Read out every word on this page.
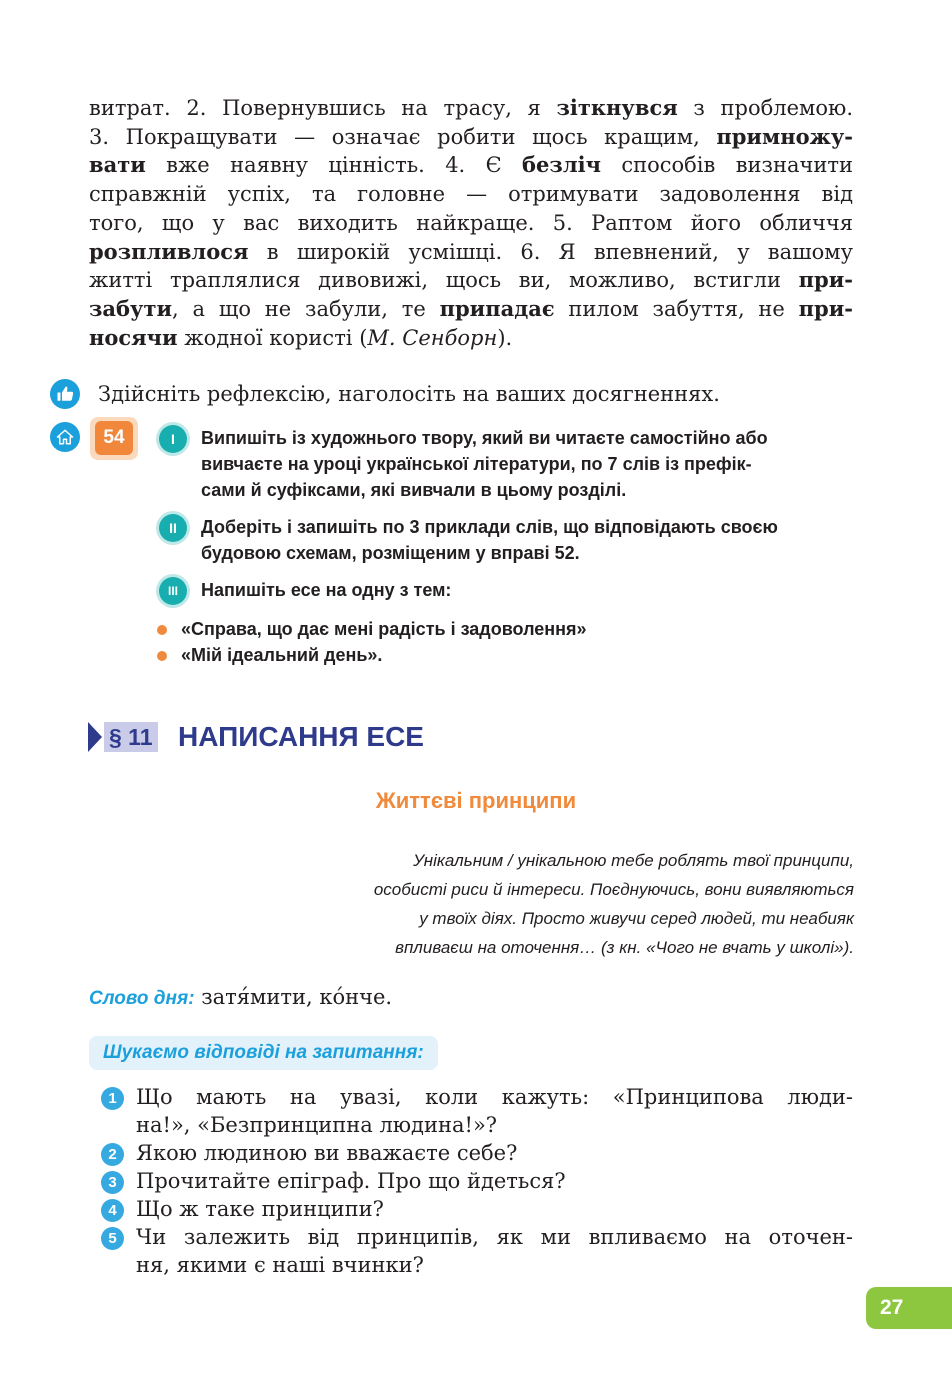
витрат. 2. Повернувшись на трасу, я зіткнувся з проблемою.
3. Покращувати — означає робити щось кращим, примножу-
вати вже наявну цінність. 4. Є безліч способів визначити
справжній успіх, та головне — отримувати задоволення від
того, що у вас виходить найкраще. 5. Раптом його обличчя
розпливлося в широкій усмішці. 6. Я впевнений, у вашому
житті траплялися дивовижі, щось ви, можливо, встигли при-
забути, а що не забули, те припадає пилом забуття, не при-
носячи жодної користі (М. Сенборн).
Здійсніть рефлексію, наголосіть на ваших досягненнях.
54	I	Випишіть із художнього твору, який ви читаєте самостійно або
вивчаєте на уроці української літератури, по 7 слів із префік-
сами й суфіксами, які вивчали в цьому розділі.
II	Доберіть і запишіть по 3 приклади слів, що відповідають своєю
будовою схемам, розміщеним у вправі 52.
III	Напишіть есе на одну з тем:
«Справа, що дає мені радість і задоволення»
«Мій ідеальний день».
§ 11 НАПИСАННЯ ЕСЕ
Життєві принципи
Унікальним / унікальною тебе роблять твої принципи,
особисті риси й інтереси. Поєднуючись, вони виявляються
у твоїх діях. Просто живучи серед людей, ти неабияк
впливаєш на оточення… (з кн. «Чого не вчать у школі»).
Слово дня: затя́мити, ко́нче.
Шукаємо відповіді на запитання:
1 Що мають на увазі, коли кажуть: «Принципова люди-
на!», «Безпринципна людина!»?
2 Якою людиною ви вважаєте себе?
3 Прочитайте епіграф. Про що йдеться?
4 Що ж таке принципи?
5 Чи залежить від принципів, як ми впливаємо на оточен-
ня, якими є наші вчинки?
27
